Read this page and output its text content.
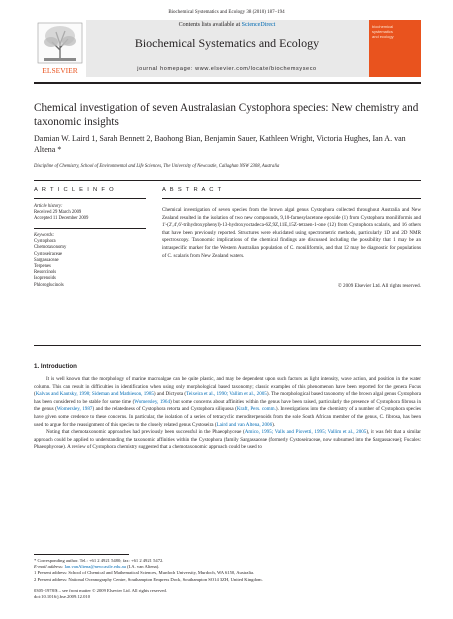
Biochemical Systematics and Ecology 38 (2010) 187–194
ELSEVIER
Contents lists available at ScienceDirect
Biochemical Systematics and Ecology
journal homepage: www.elsevier.com/locate/biochemsyseco
biochemical
systematics
and ecology
Chemical investigation of seven Australasian Cystophora species: New chemistry and taxonomic insights
Damian W. Laird 1, Sarah Bennett 2, Baohong Bian, Benjamin Sauer, Kathleen Wright, Victoria Hughes, Ian A. van Altena *
Discipline of Chemistry, School of Environmental and Life Sciences, The University of Newcastle, Callaghan NSW 2308, Australia
A R T I C L E I N F O
Article history:
Received 29 March 2009
Accepted 11 December 2009
Keywords:
Cystophora
Chemotaxonomy
Cystoseiraceae
Sargassaceae
Terpenes
Resorcinols
Isoprenoids
Phloroglucinols
A B S T R A C T
Chemical investigation of seven species from the brown algal genus Cystophora collected throughout Australia and New Zealand resulted in the isolation of two new compounds, 9,10-farnesylacetone epoxide (1) from Cystophora moniliformis and 1'-(2',4',6'-trihydroxyphenyl)-13-hydroxyoctadeca-6Z,9Z,11E,15Z-tetraen-1-one (12) from Cystophora scalaris, and 16 others that have been previously reported. Structures were elucidated using spectrometric methods, particularly 1D and 2D NMR spectroscopy. Taxonomic implications of the chemical findings are discussed including the possibility that 1 may be an intraspecific marker for the Western Australian population of C. moniliformis, and that 12 may be diagnostic for populations of C. scalaris from New Zealand waters.
© 2009 Elsevier Ltd. All rights reserved.
1. Introduction

It is well known that the morphology of marine macroalgae can be quite plastic, and may be dependent upon such factors as light intensity, wave action, and position in the water column. This can result in difficulties in identification when using only morphological based taxonomy; classic examples of this phenomenon have been reported for the genera Fucus (Kalvas and Kautsky, 1998; Sideman and Mathieson, 1985) and Dictyota (Teixeira et al., 1990; Vallim et al., 2005). The morphological based taxonomy of the brown algal genus Cystophora has been considered to be stable for some time (Womersley, 1964) but some concerns about affinities within the genus have been raised, particularly the presence of Cystophora fibrosa in the genus (Womersley, 1987) and the relatedness of Cystophora retorta and Cystophora siliquosa (Kraft, Pers. comm.). Investigations into the chemistry of a number of Cystophora species have given some credence to these concerns. In particular, the isolation of a series of tetracyclic meroditerpenoids from the sole South African member of the genus, C. fibrosa, has been used to argue for the reassignment of this species to the closely related genus Cystoseira (Laird and van Altena, 2006).

Noting that chemotaxonomic approaches had previously been successful in the Phaeophyceae (Amico, 1995; Valls and Piovetti, 1995; Vallim et al., 2005), it was felt that a similar approach could be applied to understanding the taxonomic affinities within the Cystophora (family Sargassaceae (formerly Cystoseiraceae, now subsumed into the Sargassaceae); Fucales: Phaeophyceae). A review of Cystophora chemistry suggested that a chemotaxonomic approach could be used to

* Corresponding author. Tel.: +61 2 4921 5480; fax: +61 2 4921 5472.
E-mail address: Ian.vanAltena@newcastle.edu.au (I.A. van Altena).
1 Present address: School of Chemical and Mathematical Sciences, Murdoch University, Murdoch, WA 6150, Australia.
2 Present address: National Oceanography Centre, Southampton Empress Dock, Southampton SO14 3ZH, United Kingdom.
0305-1978/$ – see front matter © 2009 Elsevier Ltd. All rights reserved.
doi:10.1016/j.bse.2009.12.010
